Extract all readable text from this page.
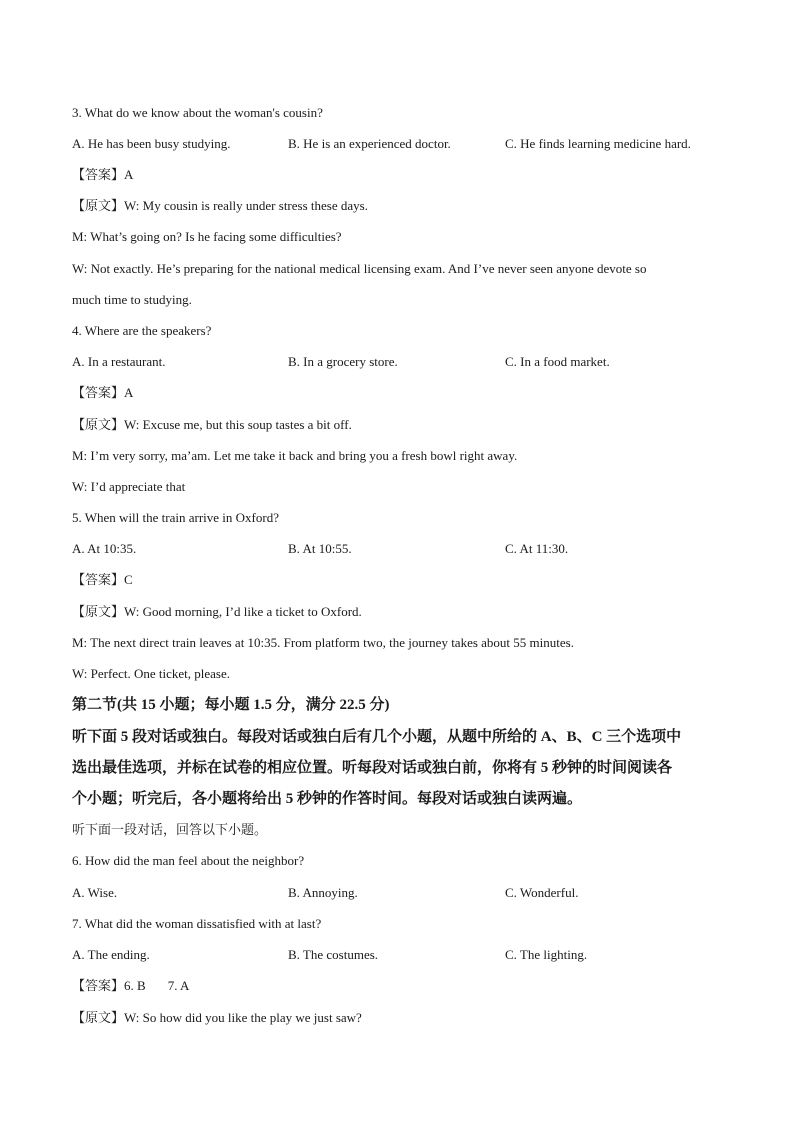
3. What do we know about the woman's cousin?
A. He has been busy studying.	B. He is an experienced doctor.	C. He finds learning medicine hard.
【答案】A
【原文】W: My cousin is really under stress these days.
M: What’s going on? Is he facing some difficulties?
W: Not exactly. He’s preparing for the national medical licensing exam. And I’ve never seen anyone devote so
much time to studying.
4. Where are the speakers?
A. In a restaurant.	B. In a grocery store.	C. In a food market.
【答案】A
【原文】W: Excuse me, but this soup tastes a bit off.
M: I’m very sorry, ma’am. Let me take it back and bring you a fresh bowl right away.
W: I’d appreciate that
5. When will the train arrive in Oxford?
A. At 10:35.	B. At 10:55.	C. At 11:30.
【答案】C
【原文】W: Good morning, I’d like a ticket to Oxford.
M: The next direct train leaves at 10:35. From platform two, the journey takes about 55 minutes.
W: Perfect. One ticket, please.
第二节(共 15 小题；每小题 1.5 分，满分 22.5 分)
听下面 5 段对话或独白。每段对话或独白后有几个小题，从题中所给的 A、B、C 三个选项中
选出最佳选项，并标在试卷的相应位置。听每段对话或独白前，你将有 5 秒钟的时间阅读各
个小题；听完后，各小题将给出 5 秒钟的作答时间。每段对话或独白读两遍。
听下面一段对话，回答以下小题。
6. How did the man feel about the neighbor?
A. Wise.	B. Annoying.	C. Wonderful.
7. What did the woman dissatisfied with at last?
A. The ending.	B. The costumes.	C. The lighting.
【答案】6. B 7. A
【原文】W: So how did you like the play we just saw?
